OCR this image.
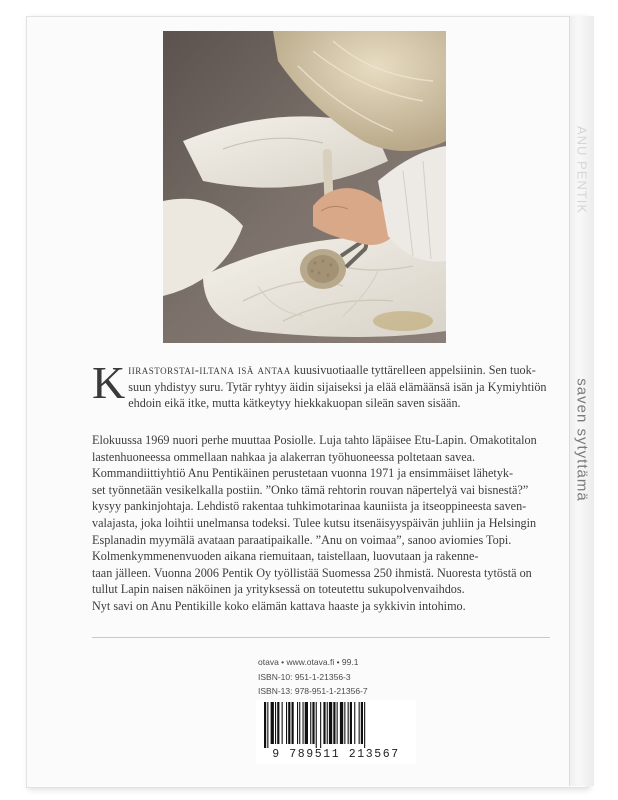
ANU PENTIK
saven sytyttämä
Kiirastorstai-iltana isä antaa kuusivuotiaalle tyttärelleen appelsiinin. Sen tuok-
suun yhdistyy suru. Tytär ryhtyy äidin sijaiseksi ja elää elämäänsä isän ja Kymiyhtiön
ehdoin eikä itke, mutta kätkeytyy hiekkakuopan sileän saven sisään.

Elokuussa 1969 nuori perhe muuttaa Posiolle. Luja tahto läpäisee Etu-Lapin. Omakotitalon

lastenhuoneessa ommellaan nahkaa ja alakerran työhuoneessa poltetaan savea.

Kommandiittiyhtiö Anu Pentikäinen perustetaan vuonna 1971 ja ensimmäiset lähetyk-

set työnnetään vesikelkalla postiin. ”Onko tämä rehtorin rouvan näpertelyä vai bisnestä?”

kysyy pankinjohtaja. Lehdistö rakentaa tuhkimotarinaa kauniista ja itseoppineesta saven-

valajasta, joka loihtii unelmansa todeksi. Tulee kutsu itsenäisyyspäivän juhliin ja Helsingin

Esplanadin myymälä avataan paraatipaikalle. ”Anu on voimaa”, sanoo aviomies Topi.

Kolmenkymmenenvuoden aikana riemuitaan, taistellaan, luovutaan ja rakenne-

taan jälleen. Vuonna 2006 Pentik Oy työllistää Suomessa 250 ihmistä. Nuoresta tytöstä on

tullut Lapin naisen näköinen ja yrityksessä on toteutettu sukupolvenvaihdos.

Nyt savi on Anu Pentikille koko elämän kattava haaste ja sykkivin intohimo.

otava • www.otava.fi • 99.1
ISBN-10: 951-1-21356-3
ISBN-13: 978-951-1-21356-7
9 789511 213567
